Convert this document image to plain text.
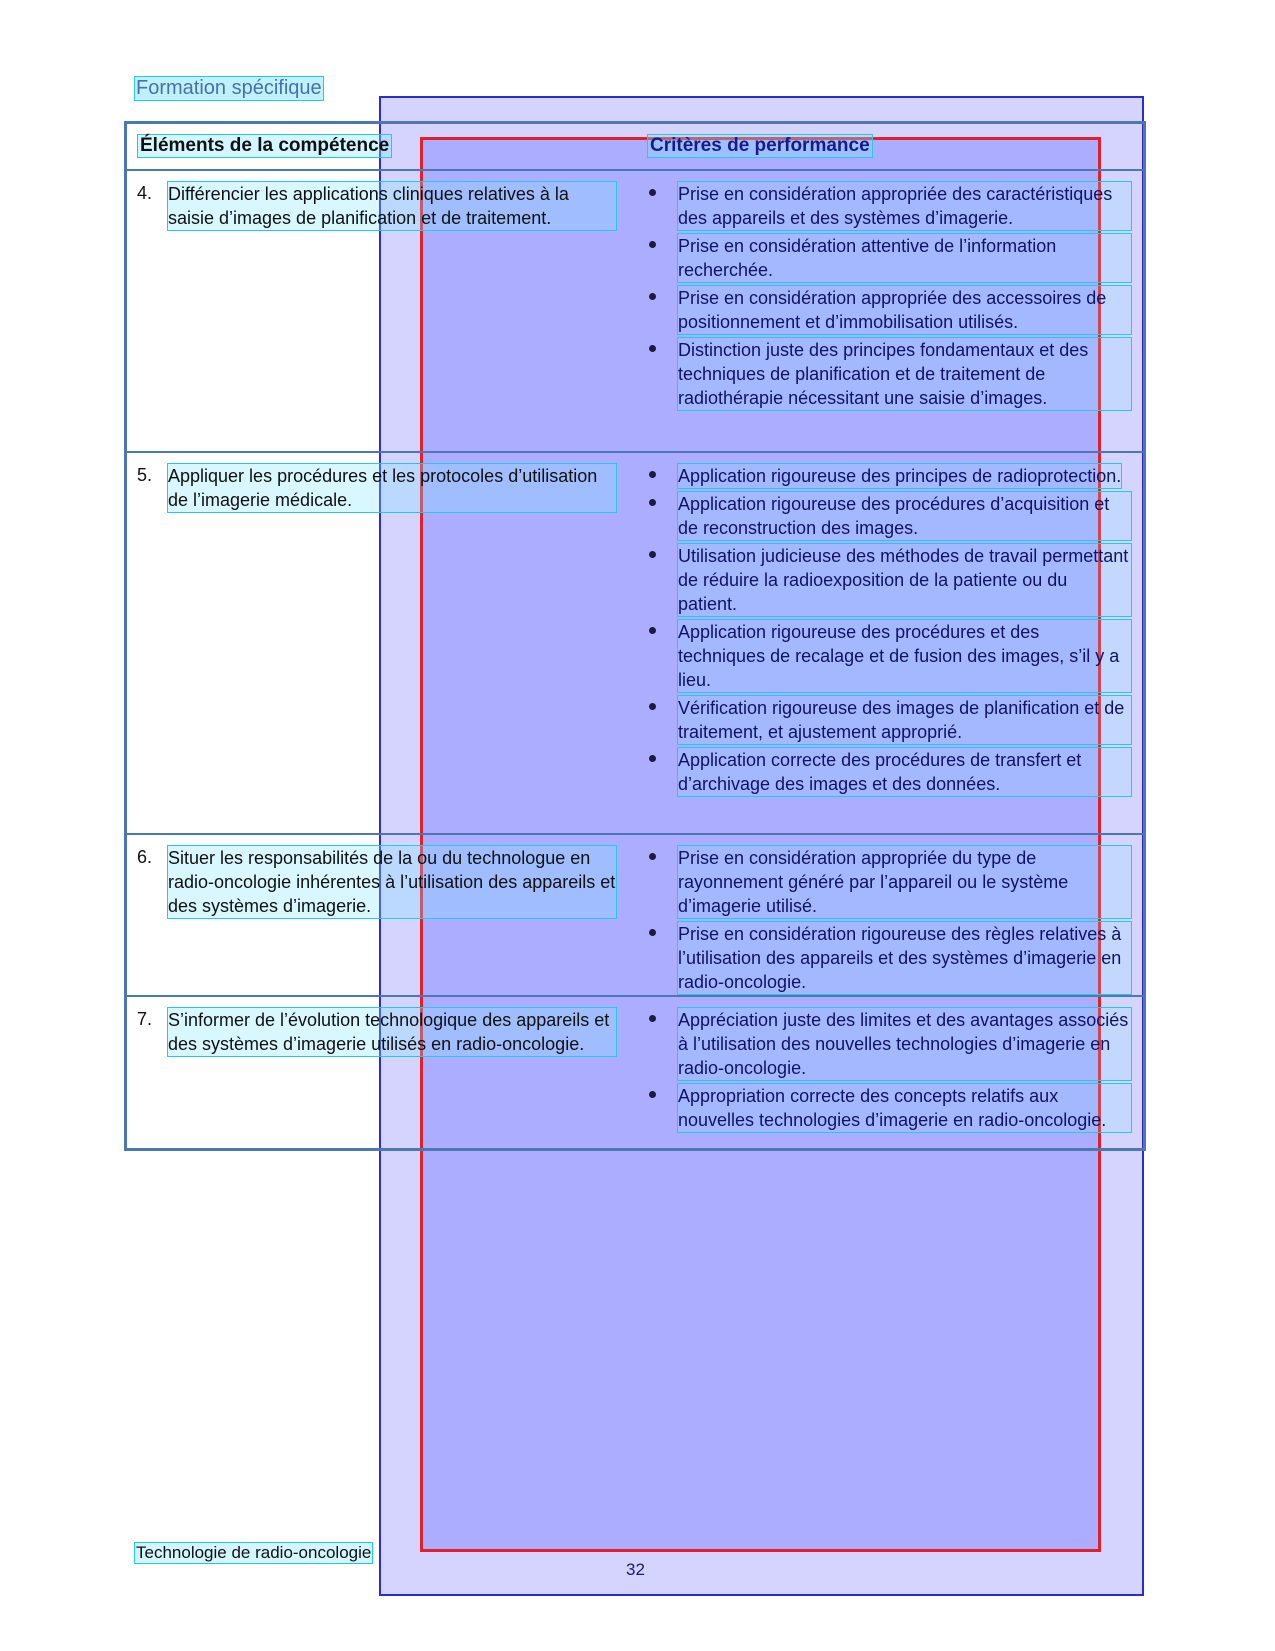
Formation spécifique
Éléments de la compétence	Critères de performance
4. Différencier les applications cliniques relatives à la saisie d’images de planification et de traitement.
Prise en considération appropriée des caractéristiques des appareils et des systèmes d’imagerie.
Prise en considération attentive de l’information recherchée.
Prise en considération appropriée des accessoires de positionnement et d’immobilisation utilisés.
Distinction juste des principes fondamentaux et des techniques de planification et de traitement de radiothérapie nécessitant une saisie d’images.
5. Appliquer les procédures et les protocoles d’utilisation de l’imagerie médicale.
Application rigoureuse des principes de radioprotection.
Application rigoureuse des procédures d’acquisition et de reconstruction des images.
Utilisation judicieuse des méthodes de travail permettant de réduire la radioexposition de la patiente ou du patient.
Application rigoureuse des procédures et des techniques de recalage et de fusion des images, s’il y a lieu.
Vérification rigoureuse des images de planification et de traitement, et ajustement approprié.
Application correcte des procédures de transfert et d’archivage des images et des données.
6. Situer les responsabilités de la ou du technologue en radio-oncologie inhérentes à l’utilisation des appareils et des systèmes d’imagerie.
Prise en considération appropriée du type de rayonnement généré par l’appareil ou le système d’imagerie utilisé.
Prise en considération rigoureuse des règles relatives à l’utilisation des appareils et des systèmes d’imagerie en radio-oncologie.
7. S’informer de l’évolution technologique des appareils et des systèmes d’imagerie utilisés en radio-oncologie.
Appréciation juste des limites et des avantages associés à l’utilisation des nouvelles technologies d’imagerie en radio-oncologie.
Appropriation correcte des concepts relatifs aux nouvelles technologies d’imagerie en radio-oncologie.
Technologie de radio-oncologie
32
